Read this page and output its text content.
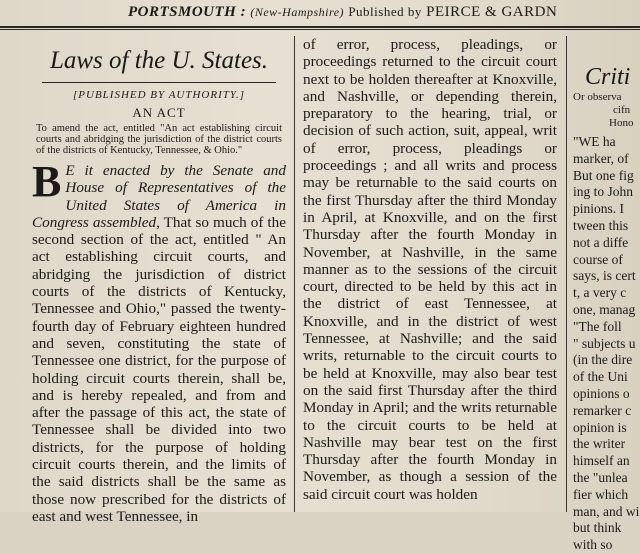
PORTSMOUTH : (New-Hampshire) Published by PEIRCE & GARDN
Laws of the U. States.
[PUBLISHED BY AUTHORITY.]
AN ACT
To amend the act, entitled "An act establishing circuit courts and abridging the jurisdiction of the district courts of the districts of Kentucky, Tennessee, & Ohio."

B E it enacted by the Senate and House of Representatives of the United States of America in Congress assembled, That so much of the second section of the act, entitled " An act establishing circuit courts, and abridging the jurisdiction of district courts of the districts of Kentucky, Tennessee and Ohio," passed the twenty-fourth day of February eighteen hundred and seven, constituting the state of Tennessee one district, for the purpose of holding circuit courts therein, shall be, and is hereby repealed, and from and after the passage of this act, the state of Tennessee shall be divided into two districts, for the purpose of holding circuit courts therein, and the limits of the said districts shall be the same as those now prescribed for the districts of east and west Tennessee, in

of error, process, pleadings, or proceedings returned to the circuit court next to be holden thereafter at Knoxville, and Nashville, or depending therein, preparatory to the hearing, trial, or decision of such action, suit, appeal, writ of error, process, pleadings or proceedings ; and all writs and process may be returnable to the said courts on the first Thursday after the third Monday in April, at Knoxville, and on the first Thursday after the fourth Monday in November, at Nashville, in the same manner as to the sessions of the circuit court, directed to be held by this act in the district of east Tennessee, at Knoxville, and in the district of west Tennessee, at Nashville; and the said writs, returnable to the circuit courts to be held at Knoxville, may also bear test on the said first Thursday after the third Monday in April; and the writs returnable to the circuit courts to be held at Nashville may bear test on the first Thursday after the fourth Monday in November, as though a session of the said circuit court was holden

Criti
Or observa
cifn
Hono
"WE ha
marker, of
But one fig
ing to John
pinions. I
tween this
not a diffe
course of
says, is cert
t, a very c
one, manag
"The foll
" subjects u
(in the dire
of the Uni
opinions o
remarker c
opinion is
the writer
himself an
the "unlea
fier which
man, and wi
but think
with so
